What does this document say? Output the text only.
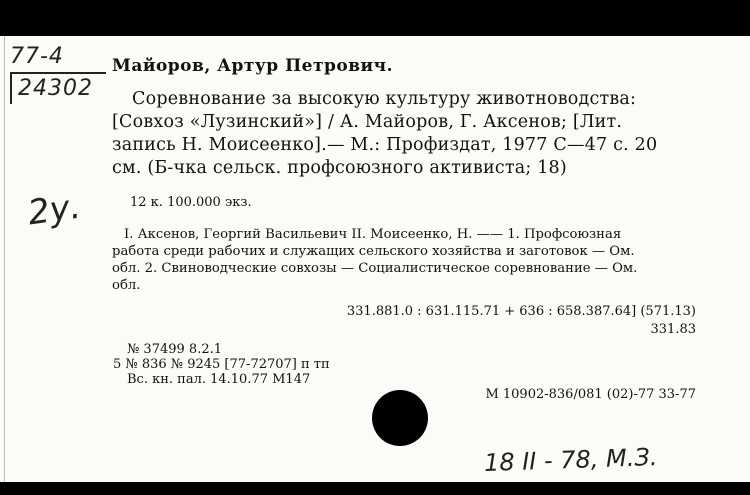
77-4
24302
Майоров, Артур Петрович.
Соревнование за высокую культуру животноводства:
[Совхоз «Лузинский»] / А. Майоров, Г. Аксенов; [Лит.
запись Н. Моисеенко].— М.: Профиздат, 1977 С—47 с. 20
см. (Б-чка сельск. профсоюзного активиста; 18)
2у.	12 к. 100.000 экз.
I. Аксенов, Георгий Васильевич II. Моисеенко, Н. —— 1. Профсоюзная
работа среди рабочих и служащих сельского хозяйства и заготовок — Ом.
обл. 2. Свиноводческие совхозы — Социалистическое соревнование — Ом.
обл.
331.881.0 : 631.115.71 + 636 : 658.387.64] (571.13)
331.83
№ 37499 8.2.1
5 № 836 № 9245 [77-72707] п тп
Вс. кн. пал. 14.10.77 М147
М 10902-836/081 (02)-77 33-77
18 II - 78, М.З.
